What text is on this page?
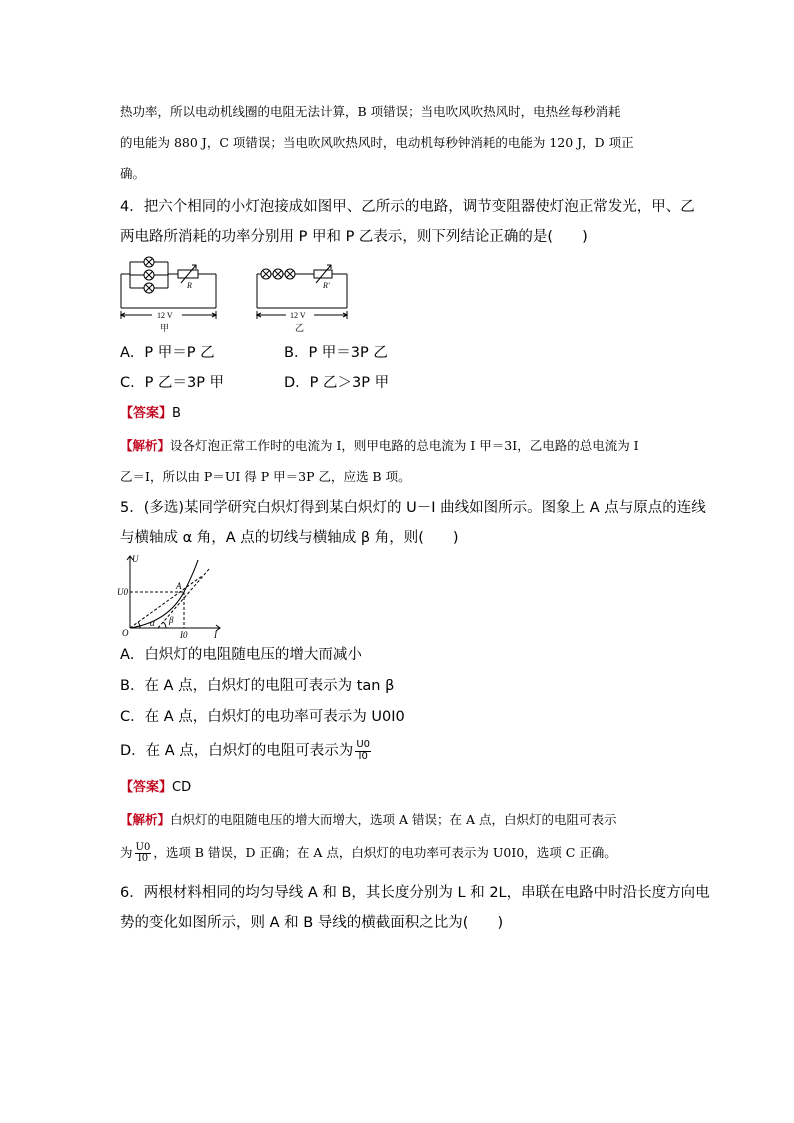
热功率，所以电动机线圈的电阻无法计算，B 项错误；当电吹风吹热风时，电热丝每秒消耗
的电能为 880 J，C 项错误；当电吹风吹热风时，电动机每秒钟消耗的电能为 120 J，D 项正
确。
4．把六个相同的小灯泡接成如图甲、乙所示的电路，调节变阻器使灯泡正常发光，甲、乙
两电路所消耗的功率分别用 P 甲和 P 乙表示，则下列结论正确的是(　　)
R
12 V
甲
R′
12 V
乙
A．P 甲＝P 乙	B．P 甲＝3P 乙
C．P 乙＝3P 甲	D．P 乙＞3P 甲
【答案】B
【解析】设各灯泡正常工作时的电流为 I，则甲电路的总电流为 I 甲＝3I，乙电路的总电流为 I
乙＝I，所以由 P＝UI 得 P 甲＝3P 乙，应选 B 项。
5．(多选)某同学研究白炽灯得到某白炽灯的 U－I 曲线如图所示。图象上 A 点与原点的连线
与横轴成 α 角，A 点的切线与横轴成 β 角，则(　　)
U
I
O
U0
I0
A
α β
A．白炽灯的电阻随电压的增大而减小
B．在 A 点，白炽灯的电阻可表示为 tan β
C．在 A 点，白炽灯的电功率可表示为 U0I0
D．在 A 点，白炽灯的电阻可表示为 $\frac{U0}{I0}$
【答案】CD
【解析】白炽灯的电阻随电压的增大而增大，选项 A 错误；在 A 点，白炽灯的电阻可表示
为 $\frac{U0}{I0}$ ，选项 B 错误，D 正确；在 A 点，白炽灯的电功率可表示为 U0I0，选项 C 正确。
6．两根材料相同的均匀导线 A 和 B，其长度分别为 L 和 2L，串联在电路中时沿长度方向电
势的变化如图所示，则 A 和 B 导线的横截面积之比为(　　)
